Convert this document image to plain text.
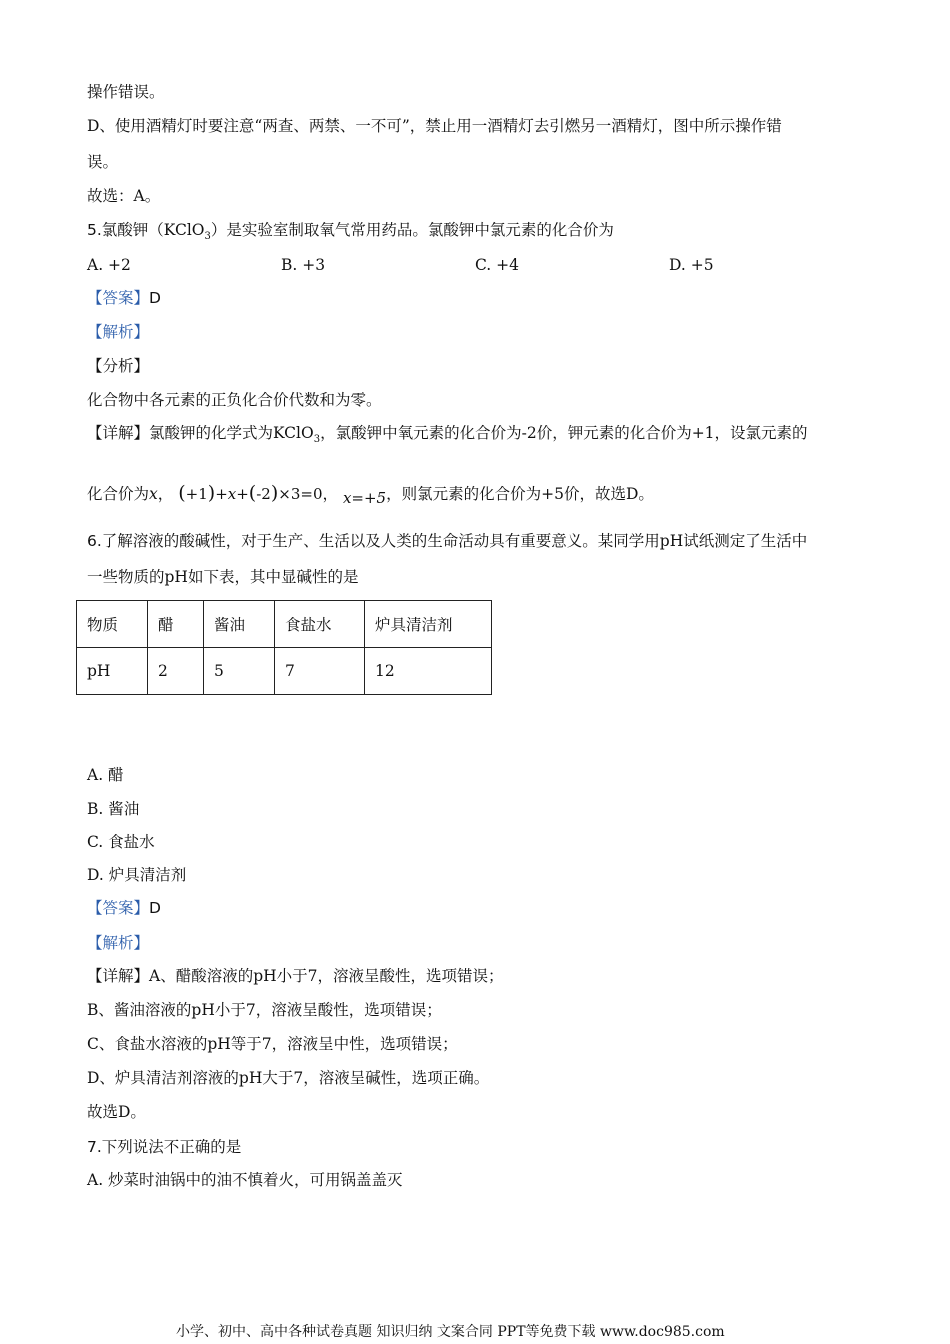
操作错误。
D、使用酒精灯时要注意“两查、两禁、一不可”，禁止用一酒精灯去引燃另一酒精灯，图中所示操作错
误。
故选：A。
5.氯酸钾（KClO$_3$）是实验室制取氧气常用药品。氯酸钾中氯元素的化合价为
A. +2	B. +3	C. +4	D. +5
【答案】D
【解析】
【分析】
化合物中各元素的正负化合价代数和为零。
【详解】氯酸钾的化学式为KClO$_3$，氯酸钾中氧元素的化合价为-2价，钾元素的化合价为+1，设氯元素的
化合价为x， (+1)+x+(-2)×3=0， x=+5，则氯元素的化合价为+5价，故选D。
6.了解溶液的酸碱性，对于生产、生活以及人类的生命活动具有重要意义。某同学用pH试纸测定了生活中
一些物质的pH如下表，其中显碱性的是
物质	醋	酱油	食盐水	炉具清洁剂
pH	2	5	7	12
A. 醋
B. 酱油
C. 食盐水
D. 炉具清洁剂
【答案】D
【解析】
【详解】A、醋酸溶液的pH小于7，溶液呈酸性，选项错误；
B、酱油溶液的pH小于7，溶液呈酸性，选项错误；
C、食盐水溶液的pH等于7，溶液呈中性，选项错误；
D、炉具清洁剂溶液的pH大于7，溶液呈碱性，选项正确。
故选D。
7.下列说法不正确的是
A. 炒菜时油锅中的油不慎着火，可用锅盖盖灭
小学、初中、高中各种试卷真题 知识归纳 文案合同 PPT等免费下载 www.doc985.com
